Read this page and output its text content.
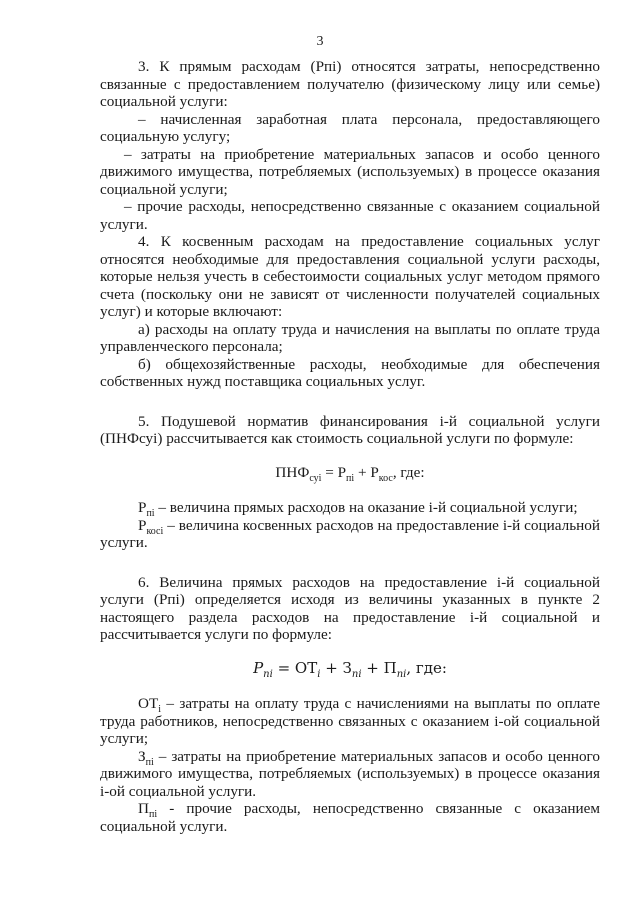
3

3. К прямым расходам (Pпi) относятся затраты, непосредственно связанные с предоставлением получателю (физическому лицу или семье) социальной услуги:

– начисленная заработная плата персонала, предоставляющего социальную услугу;

– затраты на приобретение материальных запасов и особо ценного движимого имущества, потребляемых (используемых) в процессе оказания социальной услуги;

– прочие расходы, непосредственно связанные с оказанием социальной услуги.

4. К косвенным расходам на предоставление социальных услуг относятся необходимые для предоставления социальной услуги расходы, которые нельзя учесть в себестоимости социальных услуг методом прямого счета (поскольку они не зависят от численности получателей социальных услуг) и которые включают:

а) расходы на оплату труда и начисления на выплаты по оплате труда управленческого персонала;

б) общехозяйственные расходы, необходимые для обеспечения собственных нужд поставщика социальных услуг.

5. Подушевой норматив финансирования i-й социальной услуги (ПНФсуi) рассчитывается как стоимость социальной услуги по формуле:

$ПНФ_{суi} = P_{пi} + P_{кос}$, где:

$P_{пi}$ – величина прямых расходов на оказание i-й социальной услуги;

$P_{косi}$ – величина косвенных расходов на предоставление i-й социальной услуги.

6. Величина прямых расходов на предоставление i-й социальной услуги (Pпi) определяется исходя из величины указанных в пункте 2 настоящего раздела расходов на предоставление i-й социальной и рассчитывается услуги по формуле:

$P_{пi} = ОТ_i + З_{пi} + П_{пi}$, где:

$ОТ_i$ – затраты на оплату труда с начислениями на выплаты по оплате труда работников, непосредственно связанных с оказанием i-ой социальной услуги;

$З_{пi}$ – затраты на приобретение материальных запасов и особо ценного движимого имущества, потребляемых (используемых) в процессе оказания i-ой социальной услуги.

$П_{пi}$ - прочие расходы, непосредственно связанные с оказанием социальной услуги.
